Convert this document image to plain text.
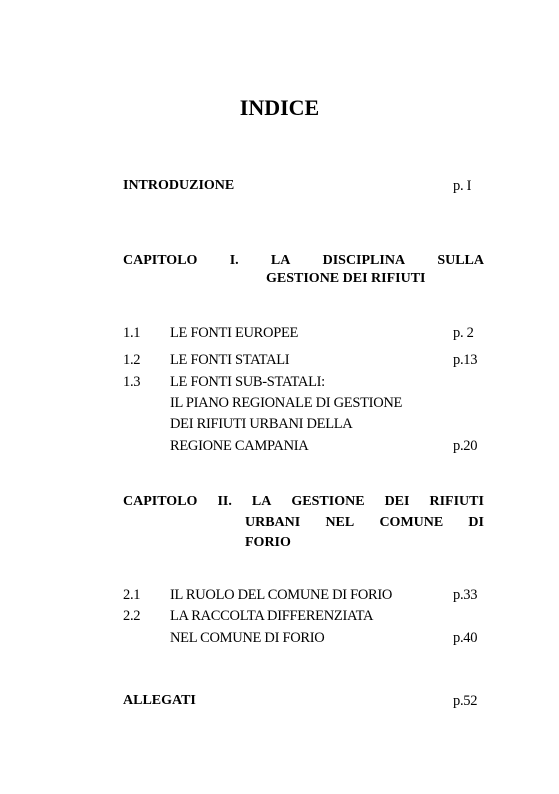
INDICE
INTRODUZIONE	p. I
CAPITOLO I. LA DISCIPLINA SULLA
GESTIONE DEI RIFIUTI
1.1 LE FONTI EUROPEE	p. 2
1.2 LE FONTI STATALI	p.13
1.3 LE FONTI SUB-STATALI:
IL PIANO REGIONALE DI GESTIONE
DEI RIFIUTI URBANI DELLA
REGIONE CAMPANIA	p.20
CAPITOLO II. LA GESTIONE DEI RIFIUTI
URBANI NEL COMUNE DI
FORIO
2.1 IL RUOLO DEL COMUNE DI FORIO	p.33
2.2 LA RACCOLTA DIFFERENZIATA
NEL COMUNE DI FORIO	p.40
ALLEGATI	p.52
